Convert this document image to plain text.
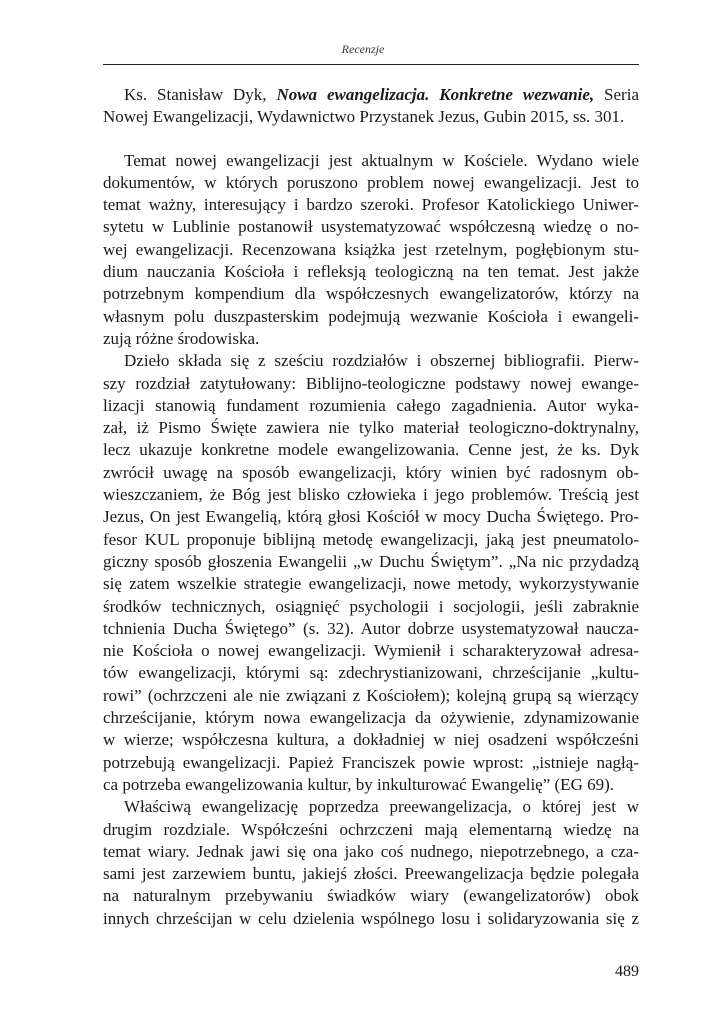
Recenzje
Ks. Stanisław Dyk, Nowa ewangelizacja. Konkretne wezwanie, Seria
Nowej Ewangelizacji, Wydawnictwo Przystanek Jezus, Gubin 2015, ss. 301.
Temat nowej ewangelizacji jest aktualnym w Kościele. Wydano wiele
dokumentów, w których poruszono problem nowej ewangelizacji. Jest to
temat ważny, interesujący i bardzo szeroki. Profesor Katolickiego Uniwer-
sytetu w Lublinie postanowił usystematyzować współczesną wiedzę o no-
wej ewangelizacji. Recenzowana książka jest rzetelnym, pogłębionym stu-
dium nauczania Kościoła i refleksją teologiczną na ten temat. Jest jakże
potrzebnym kompendium dla współczesnych ewangelizatorów, którzy na
własnym polu duszpasterskim podejmują wezwanie Kościoła i ewangeli-
zują różne środowiska.
Dzieło składa się z sześciu rozdziałów i obszernej bibliografii. Pierw-
szy rozdział zatytułowany: Biblijno-teologiczne podstawy nowej ewange-
lizacji stanowią fundament rozumienia całego zagadnienia. Autor wyka-
zał, iż Pismo Święte zawiera nie tylko materiał teologiczno-doktrynalny,
lecz ukazuje konkretne modele ewangelizowania. Cenne jest, że ks. Dyk
zwrócił uwagę na sposób ewangelizacji, który winien być radosnym ob-
wieszczaniem, że Bóg jest blisko człowieka i jego problemów. Treścią jest
Jezus, On jest Ewangelią, którą głosi Kościół w mocy Ducha Świętego. Pro-
fesor KUL proponuje biblijną metodę ewangelizacji, jaką jest pneumatolo-
giczny sposób głoszenia Ewangelii „w Duchu Świętym”. „Na nic przydadzą
się zatem wszelkie strategie ewangelizacji, nowe metody, wykorzystywanie
środków technicznych, osiągnięć psychologii i socjologii, jeśli zabraknie
tchnienia Ducha Świętego” (s. 32). Autor dobrze usystematyzował naucza-
nie Kościoła o nowej ewangelizacji. Wymienił i scharakteryzował adresa-
tów ewangelizacji, którymi są: zdechrystianizowani, chrześcijanie „kultu-
rowi” (ochrzczeni ale nie związani z Kościołem); kolejną grupą są wierzący
chrześcijanie, którym nowa ewangelizacja da ożywienie, zdynamizowanie
w wierze; współczesna kultura, a dokładniej w niej osadzeni współcześni
potrzebują ewangelizacji. Papież Franciszek powie wprost: „istnieje nagłą-
ca potrzeba ewangelizowania kultur, by inkulturować Ewangelię” (EG 69).
Właściwą ewangelizację poprzedza preewangelizacja, o której jest w
drugim rozdziale. Współcześni ochrzczeni mają elementarną wiedzę na
temat wiary. Jednak jawi się ona jako coś nudnego, niepotrzebnego, a cza-
sami jest zarzewiem buntu, jakiejś złości. Preewangelizacja będzie polegała
na naturalnym przebywaniu świadków wiary (ewangelizatorów) obok
innych chrześcijan w celu dzielenia wspólnego losu i solidaryzowania się z
489
